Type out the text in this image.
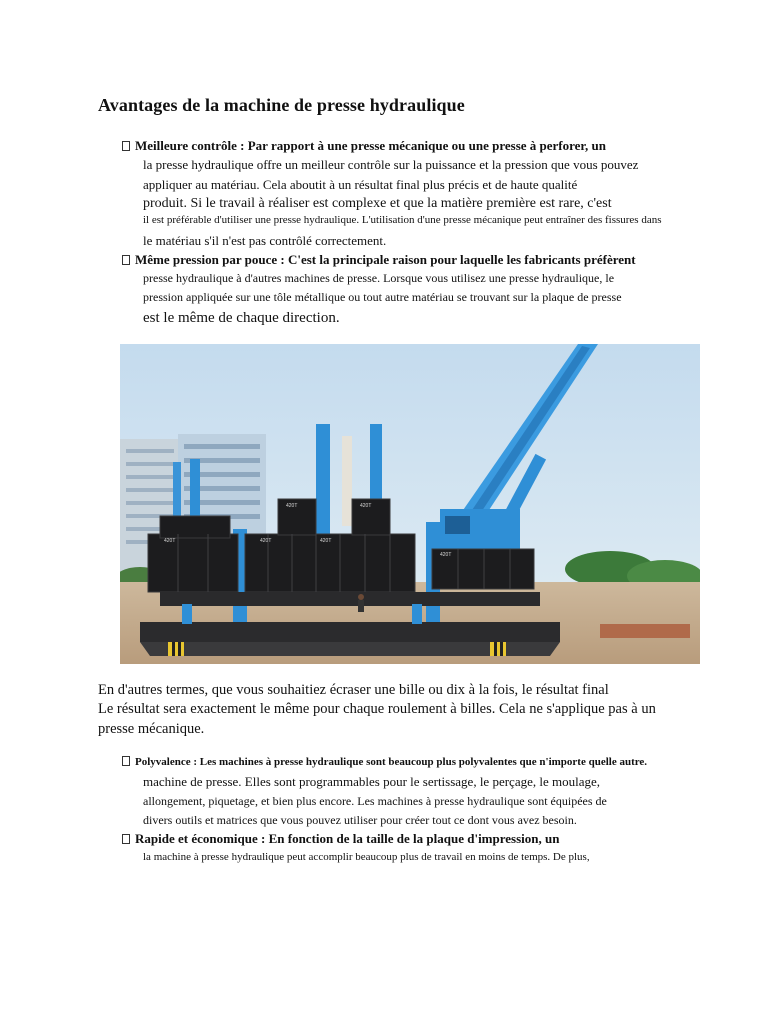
Avantages de la machine de presse hydraulique
Meilleure contrôle : Par rapport à une presse mécanique ou une presse à perforer, un
la presse hydraulique offre un meilleur contrôle sur la puissance et la pression que vous pouvez
appliquer au matériau. Cela aboutit à un résultat final plus précis et de haute qualité
produit. Si le travail à réaliser est complexe et que la matière première est rare, c'est
il est préférable d'utiliser une presse hydraulique. L'utilisation d'une presse mécanique peut entraîner des fissures dans
le matériau s'il n'est pas contrôlé correctement.
Même pression par pouce : C'est la principale raison pour laquelle les fabricants préfèrent
presse hydraulique à d'autres machines de presse. Lorsque vous utilisez une presse hydraulique, le
pression appliquée sur une tôle métallique ou tout autre matériau se trouvant sur la plaque de presse
est le même de chaque direction.
420T	420T	420T
420T	420T
420T
En d'autres termes, que vous souhaitiez écraser une bille ou dix à la fois, le résultat final
Le résultat sera exactement le même pour chaque roulement à billes. Cela ne s'applique pas à un
presse mécanique.
Polyvalence : Les machines à presse hydraulique sont beaucoup plus polyvalentes que n'importe quelle autre.
machine de presse. Elles sont programmables pour le sertissage, le perçage, le moulage,
allongement, piquetage, et bien plus encore. Les machines à presse hydraulique sont équipées de
divers outils et matrices que vous pouvez utiliser pour créer tout ce dont vous avez besoin.
Rapide et économique : En fonction de la taille de la plaque d'impression, un
la machine à presse hydraulique peut accomplir beaucoup plus de travail en moins de temps. De plus,
